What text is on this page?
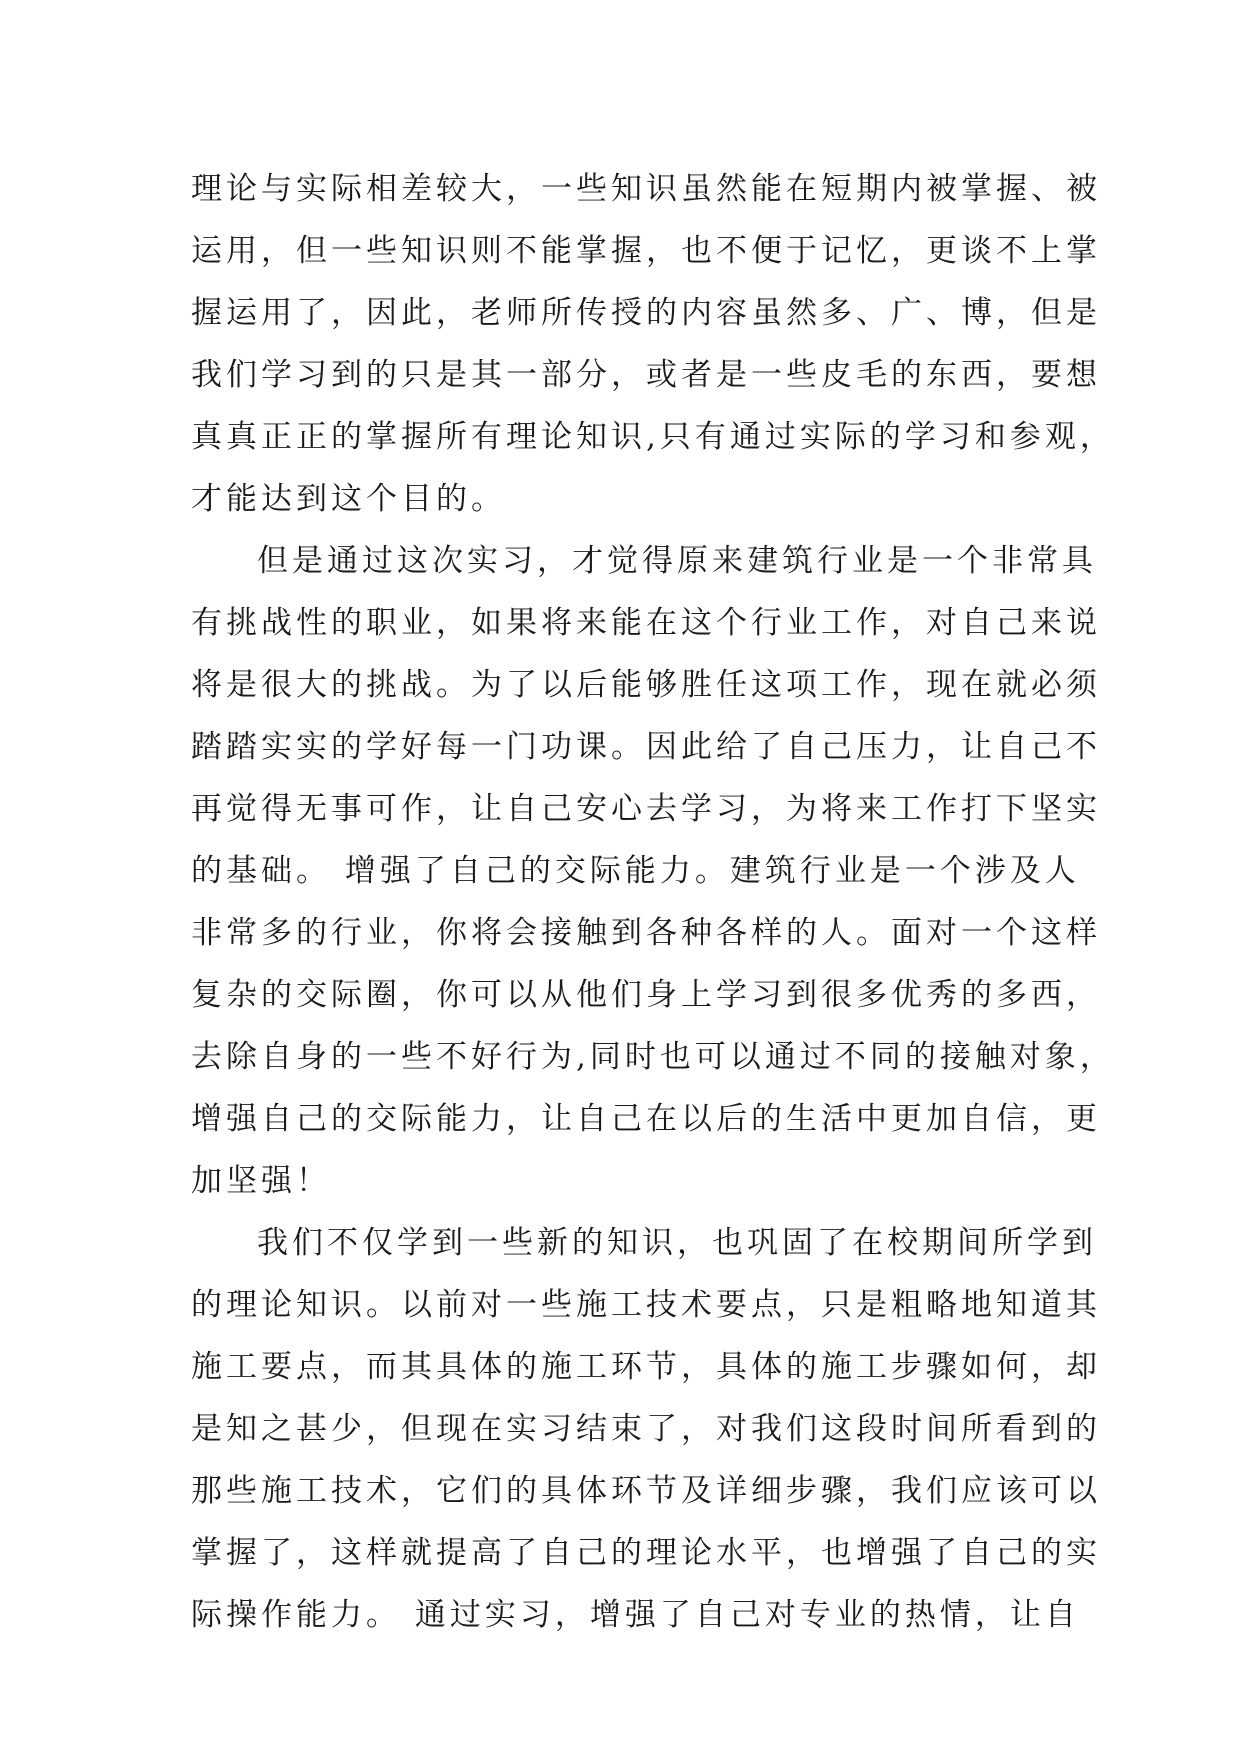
理论与实际相差较大，一些知识虽然能在短期内被掌握、被
运用，但一些知识则不能掌握，也不便于记忆，更谈不上掌
握运用了，因此，老师所传授的内容虽然多、广、博，但是
我们学习到的只是其一部分，或者是一些皮毛的东西，要想
真真正正的掌握所有理论知识,只有通过实际的学习和参观，
才能达到这个目的。
但是通过这次实习，才觉得原来建筑行业是一个非常具
有挑战性的职业，如果将来能在这个行业工作，对自己来说
将是很大的挑战。为了以后能够胜任这项工作，现在就必须
踏踏实实的学好每一门功课。因此给了自己压力，让自己不
再觉得无事可作，让自己安心去学习，为将来工作打下坚实
的基础。 增强了自己的交际能力。建筑行业是一个涉及人
非常多的行业，你将会接触到各种各样的人。面对一个这样
复杂的交际圈，你可以从他们身上学习到很多优秀的多西，
去除自身的一些不好行为,同时也可以通过不同的接触对象，
增强自己的交际能力，让自己在以后的生活中更加自信，更
加坚强！
我们不仅学到一些新的知识，也巩固了在校期间所学到
的理论知识。以前对一些施工技术要点，只是粗略地知道其
施工要点，而其具体的施工环节，具体的施工步骤如何，却
是知之甚少，但现在实习结束了，对我们这段时间所看到的
那些施工技术，它们的具体环节及详细步骤，我们应该可以
掌握了，这样就提高了自己的理论水平，也增强了自己的实
际操作能力。 通过实习，增强了自己对专业的热情，让自
